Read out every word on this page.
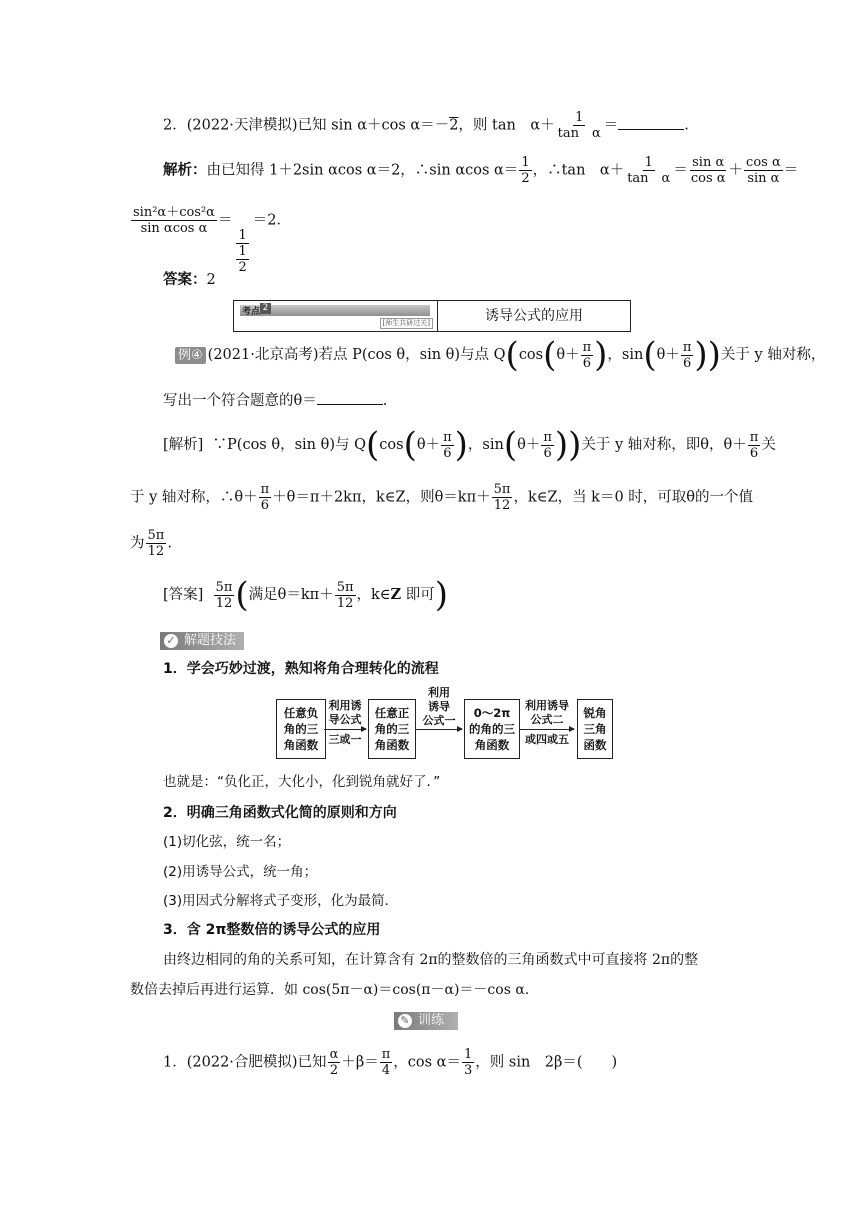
2．(2022·天津模拟)已知 sin α＋cos α＝－2，则 tan　$\alpha+ \frac{1}{\text{tan　α}}$ ＝	.
解析：由已知得 1＋2sin αcos α＝2，∴sin αcos $\alpha= \frac{1}{2}$ ，∴tan　$\alpha+ \frac{1}{\text{tan　α}} = \frac{\text{sin α}}{\text{cos α}} + \frac{\text{cos α}}{\text{sin α}}$ ＝
$\frac{\text{sin²α＋cos²α}}{\text{sin αcos α}}$ ＝
$\frac{1}{\frac{1}{2}}$
＝2．
答案：2
考点 2
[师生共研过关]	诱导公式的应用
例④ (2021·北京高考)若点 P(cos θ，sin θ)与点 $Q(\cos(\theta+ \frac{\pi}{6}$ )，$\sin(\theta+ \frac{\pi}{6}$ ))关于 y 轴对称，
写出一个符合题意的θ＝	.
[解析] ∵P(cos θ，sin θ)与 $Q(\cos(\theta+ \frac{\pi}{6}$ )，$\sin(\theta+ \frac{\pi}{6}$ ))关于 y 轴对称，即θ，$\theta+ \frac{\pi}{6}$ 关
于 y 轴对称，∴θ＋ $\frac{\pi}{6} +\theta=\pi+2k\pi$，k∈Z，则$\theta=k\pi+ \frac{5\pi}{12}$ ，k∈Z，当 k＝0 时，可取θ的一个值
为 $\frac{5\pi}{12}$ .
[答案] $\frac{5\pi}{12}$ (满足$\theta=k\pi+ \frac{5\pi}{12}$ ，k∈Z 即可)
✓ 解题技法
1．学会巧妙过渡，熟知将角合理转化的流程
任意负
角的三
角函数
利用诱
导公式
三或一
任意正
角的三
角函数
利用
诱导
公式一
0～2π
的角的三
角函数
利用诱导
公式二
或四或五
锐角
三角
函数
也就是：“负化正，大化小，化到锐角就好了．”
2．明确三角函数式化简的原则和方向
(1)切化弦，统一名；
(2)用诱导公式，统一角；
(3)用因式分解将式子变形，化为最简．
3．含 2π整数倍的诱导公式的应用
由终边相同的角的关系可知，在计算含有 2π的整数倍的三角函数式中可直接将 2π的整
数倍去掉后再进行运算．如 cos(5π－α)＝cos(π－α)＝－cos α.
✎ 训练
1．(2022·合肥模拟)已知 $\frac{\alpha}{2} +\beta= \frac{\pi}{4}$ ，$\cos \alpha= \frac{1}{3}$ ，则 sin　2β＝(　　)
